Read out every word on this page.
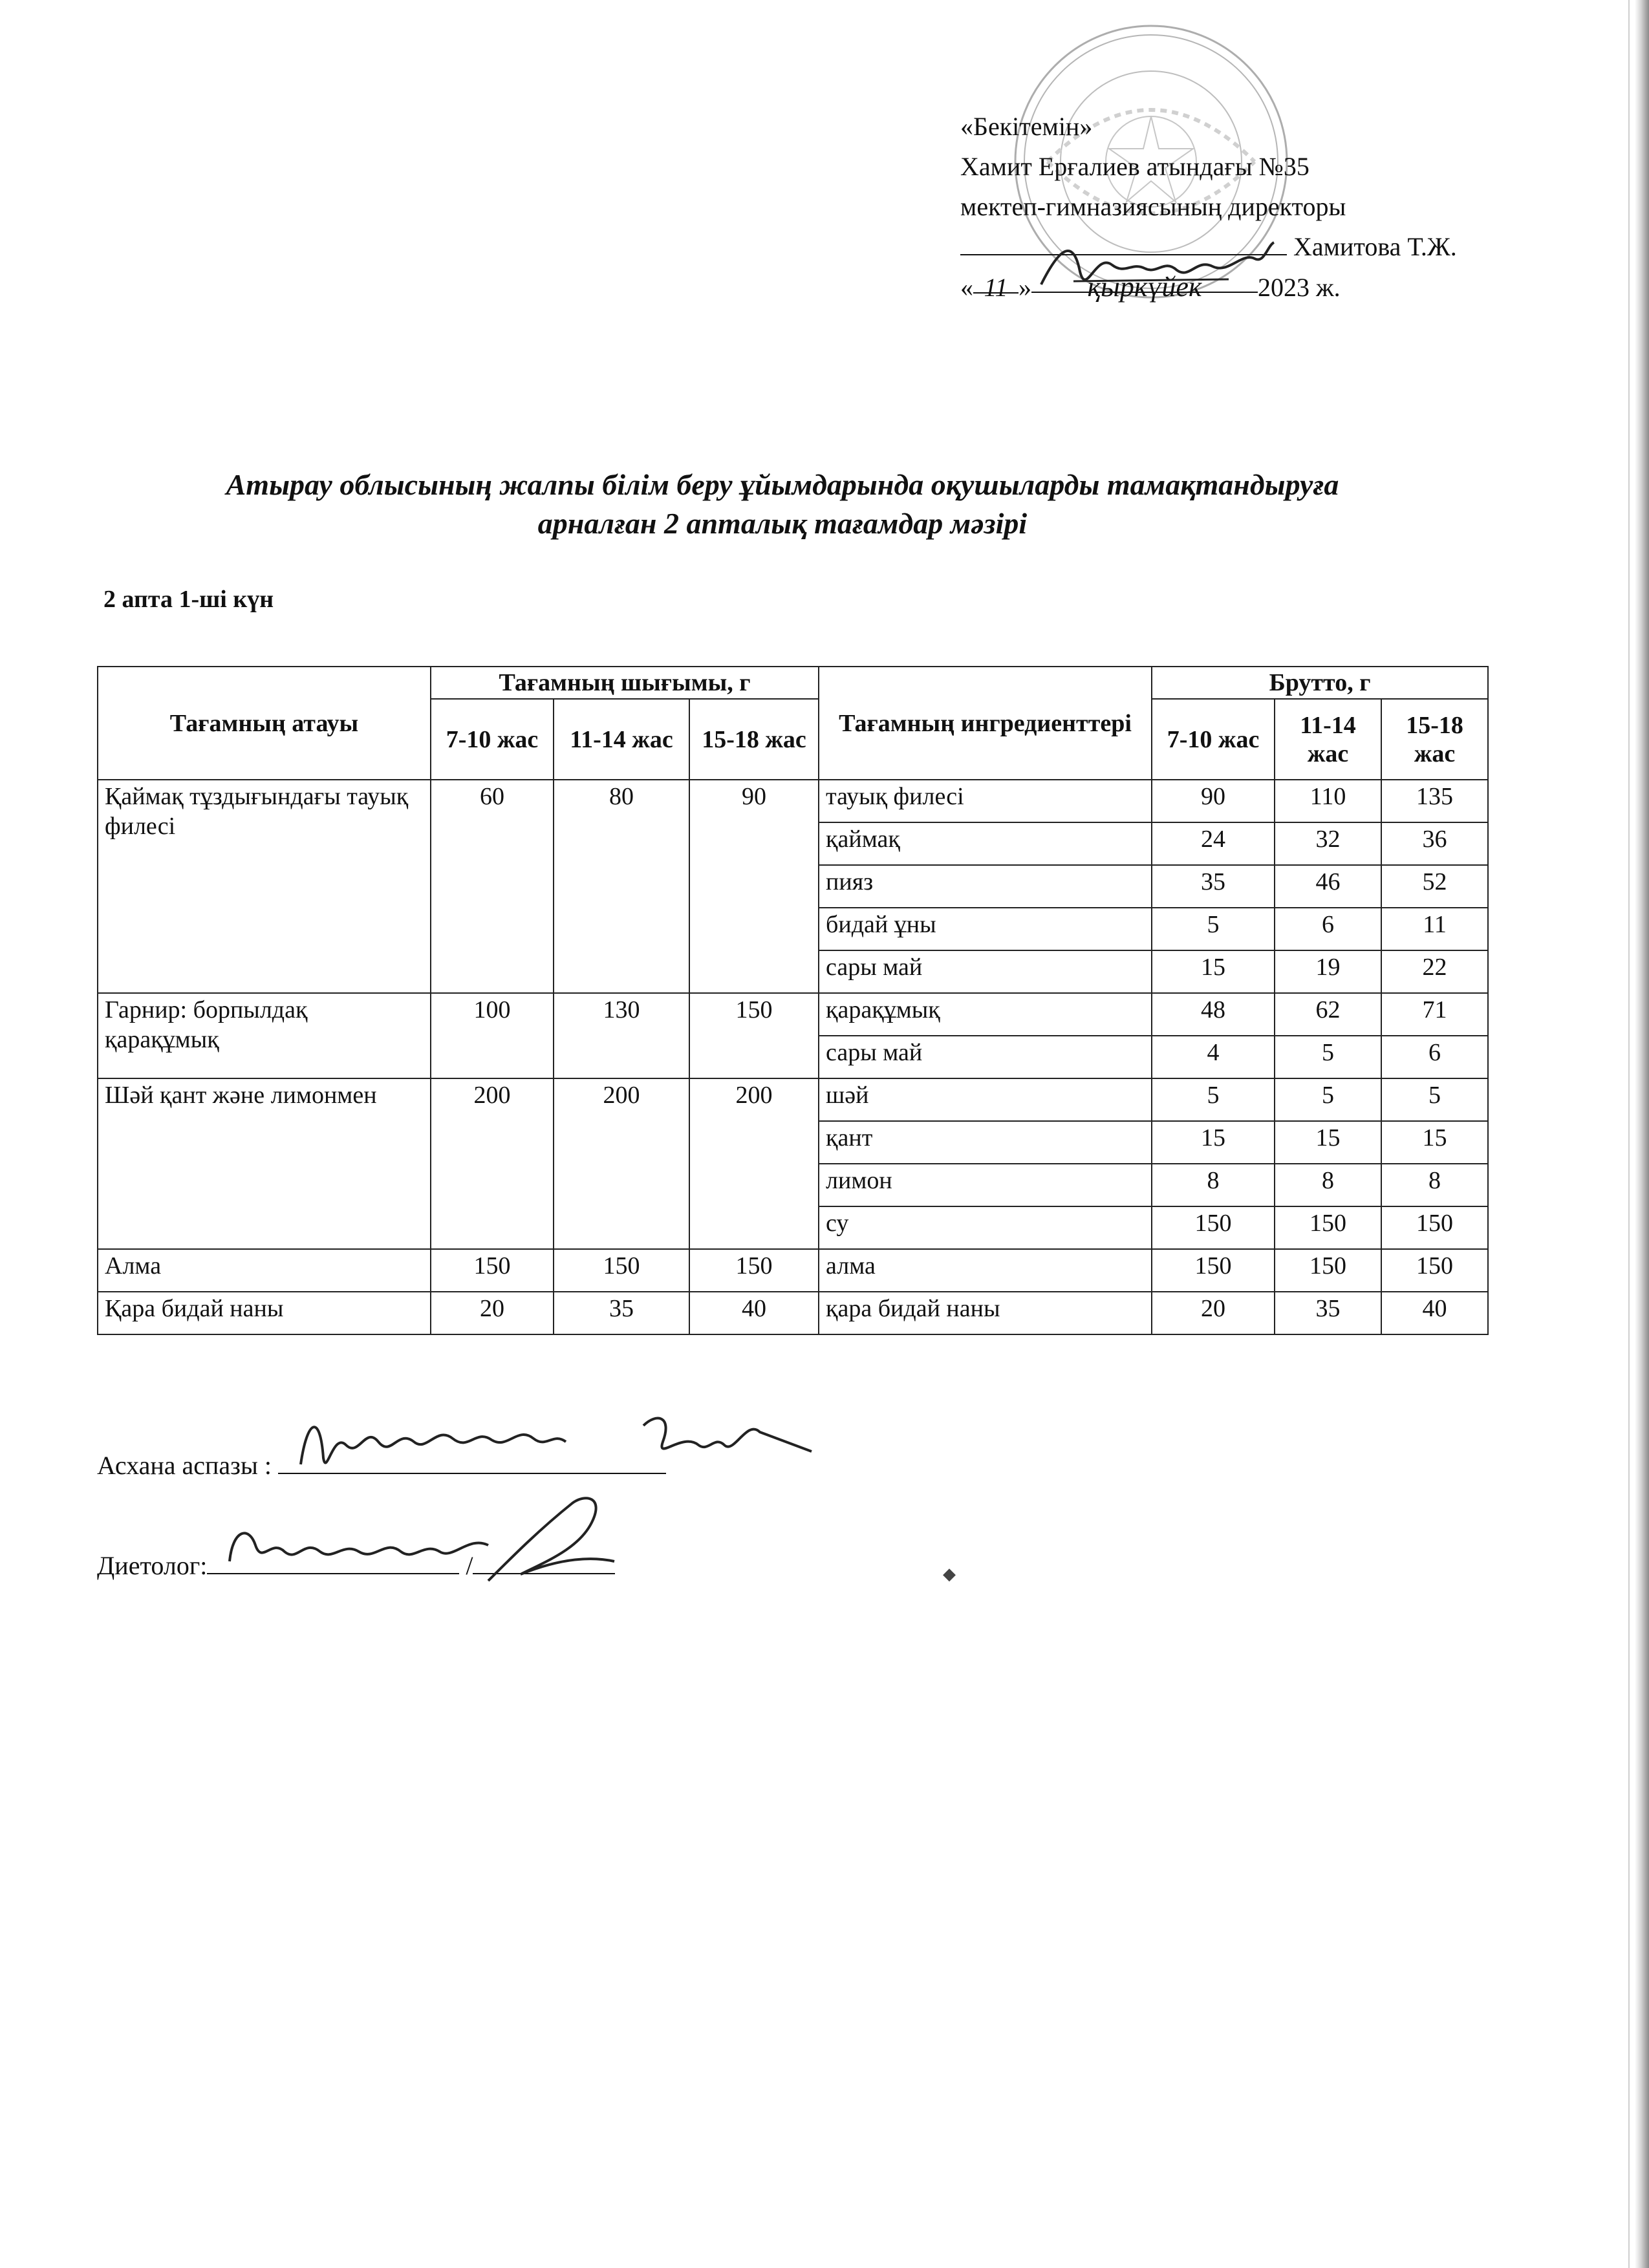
«Бекітемін»
Хамит Ерғалиев атындағы №35
мектеп-гимназиясының директоры
Хамитова Т.Ж.
« 11 » қыркүйек 2023 ж.
Атырау облысының жалпы білім беру ұйымдарында оқушыларды тамақтандыруға
арналған 2 апталық тағамдар мәзірі
2 апта 1-ші күн
Тағамның атауы	Тағамның шығымы, г			Тағамның ингредиенттері	Брутто, г		
	7-10 жас	11-14 жас	15-18 жас		7-10 жас	11-14 жас	15-18 жас
Қаймақ тұздығындағы тауық филесі	60	80	90	тауық филесі	90	110	135
				қаймақ	24	32	36
				пияз	35	46	52
				бидай ұны	5	6	11
				сары май	15	19	22
Гарнир: борпылдақ қарақұмық	100	130	150	қарақұмық	48	62	71
				сары май	4	5	6
Шәй қант және лимонмен	200	200	200	шәй	5	5	5
				қант	15	15	15
				лимон	8	8	8
				су	150	150	150
Алма	150	150	150	алма	150	150	150
Қара бидай наны	20	35	40	қара бидай наны	20	35	40
Асхана аспазы :
Диетолог:	/	◆
